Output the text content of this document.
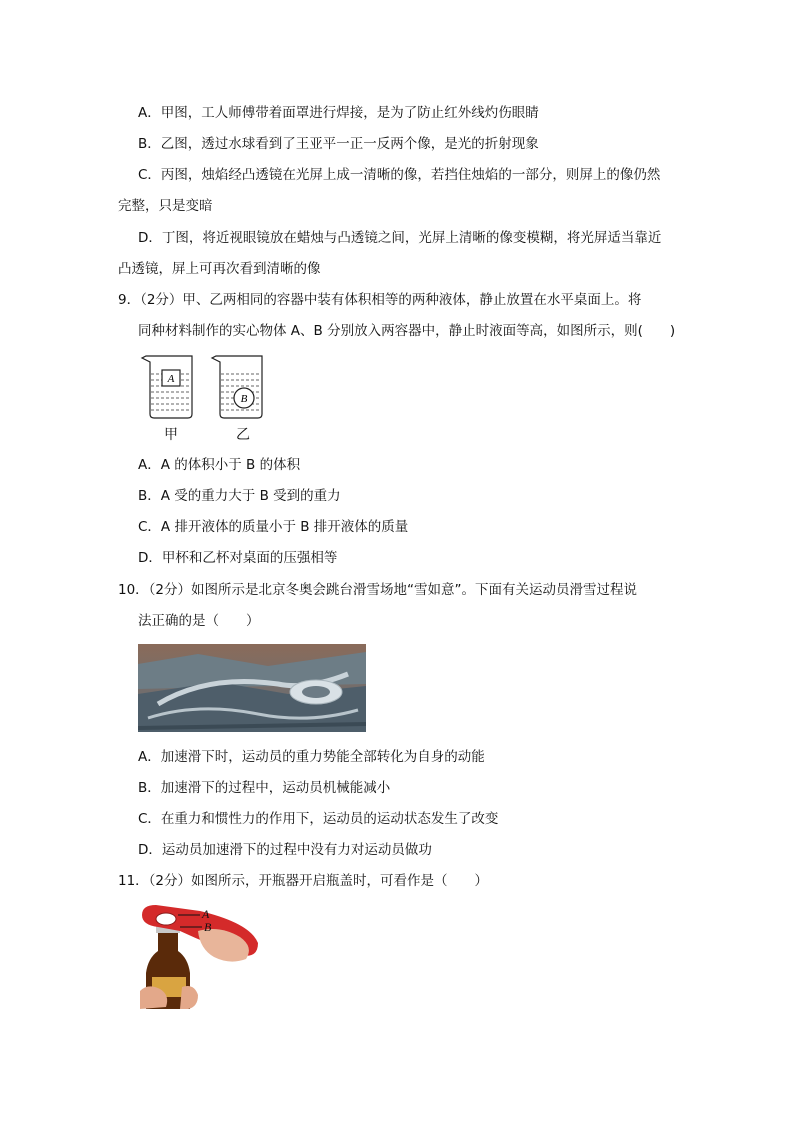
A．甲图，工人师傅带着面罩进行焊接，是为了防止红外线灼伤眼睛
B．乙图，透过水球看到了王亚平一正一反两个像，是光的折射现象
C．丙图，烛焰经凸透镜在光屏上成一清晰的像，若挡住烛焰的一部分，则屏上的像仍然
完整，只是变暗
D．丁图，将近视眼镜放在蜡烛与凸透镜之间，光屏上清晰的像变模糊，将光屏适当靠近
凸透镜，屏上可再次看到清晰的像
9．（2分）甲、乙两相同的容器中装有体积相等的两种液体，静止放置在水平桌面上。将
同种材料制作的实心物体 A、B 分别放入两容器中，静止时液面等高，如图所示，则(　　)
A
B
甲	乙
A．A 的体积小于 B 的体积
B．A 受的重力大于 B 受到的重力
C．A 排开液体的质量小于 B 排开液体的质量
D．甲杯和乙杯对桌面的压强相等
10．（2分）如图所示是北京冬奥会跳台滑雪场地“雪如意”。下面有关运动员滑雪过程说
法正确的是（　　）
A．加速滑下时，运动员的重力势能全部转化为自身的动能
B．加速滑下的过程中，运动员机械能减小
C．在重力和惯性力的作用下，运动员的运动状态发生了改变
D．运动员加速滑下的过程中没有力对运动员做功
11．（2分）如图所示，开瓶器开启瓶盖时，可看作是（　　）
A
B
